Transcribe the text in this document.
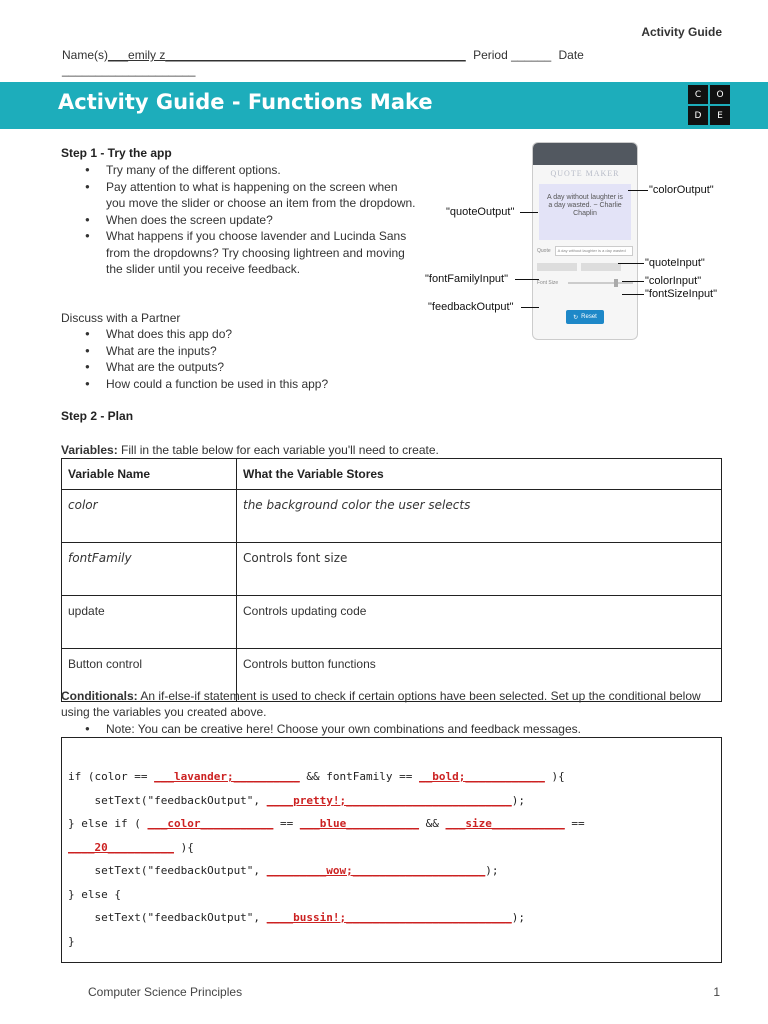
Activity Guide
Name(s)___emily z_____________________________________________ Period ______ Date
____________________
Activity Guide - Functions Make	C	O
D	E
Step 1 - Try the app
● Try many of the different options.
● Pay attention to what is happening on the screen when you move the slider or choose an item from the dropdown.
● When does the screen update?
● What happens if you choose lavender and Lucinda Sans from the dropdowns? Try choosing lightreen and moving the slider until you receive feedback.
Discuss with a Partner
● What does this app do?
● What are the inputs?
● What are the outputs?
● How could a function be used in this app?
QUOTE MAKER
A day without laughter is a day wasted. ~ Charlie Chaplin
Quote	A day without laughter is a day wasted
Font Size
↻ Reset
"colorOutput"
"quoteOutput"
"quoteInput"
"fontFamilyInput"	"colorInput"
"fontSizeInput"
"feedbackOutput"
Step 2 - Plan
Variables: Fill in the table below for each variable you'll need to create.
Variable Name	What the Variable Stores
color	the background color the user selects
fontFamily	Controls font size
update	Controls updating code
Button control	Controls button functions
Conditionals: An if-else-if statement is used to check if certain options have been selected. Set up the conditional below using the variables you created above.
● Note: You can be creative here! Choose your own combinations and feedback messages.
if (color == ___lavander;__________ && fontFamily == __bold;____________ ){
setText("feedbackOutput", ____pretty!;_________________________);
} else if ( ___color___________ == ___blue___________ && ___size___________ ==
____20__________ ){
setText("feedbackOutput", _________wow;____________________);
} else {
setText("feedbackOutput", ____bussin!;_________________________);
}
Computer Science Principles	1
